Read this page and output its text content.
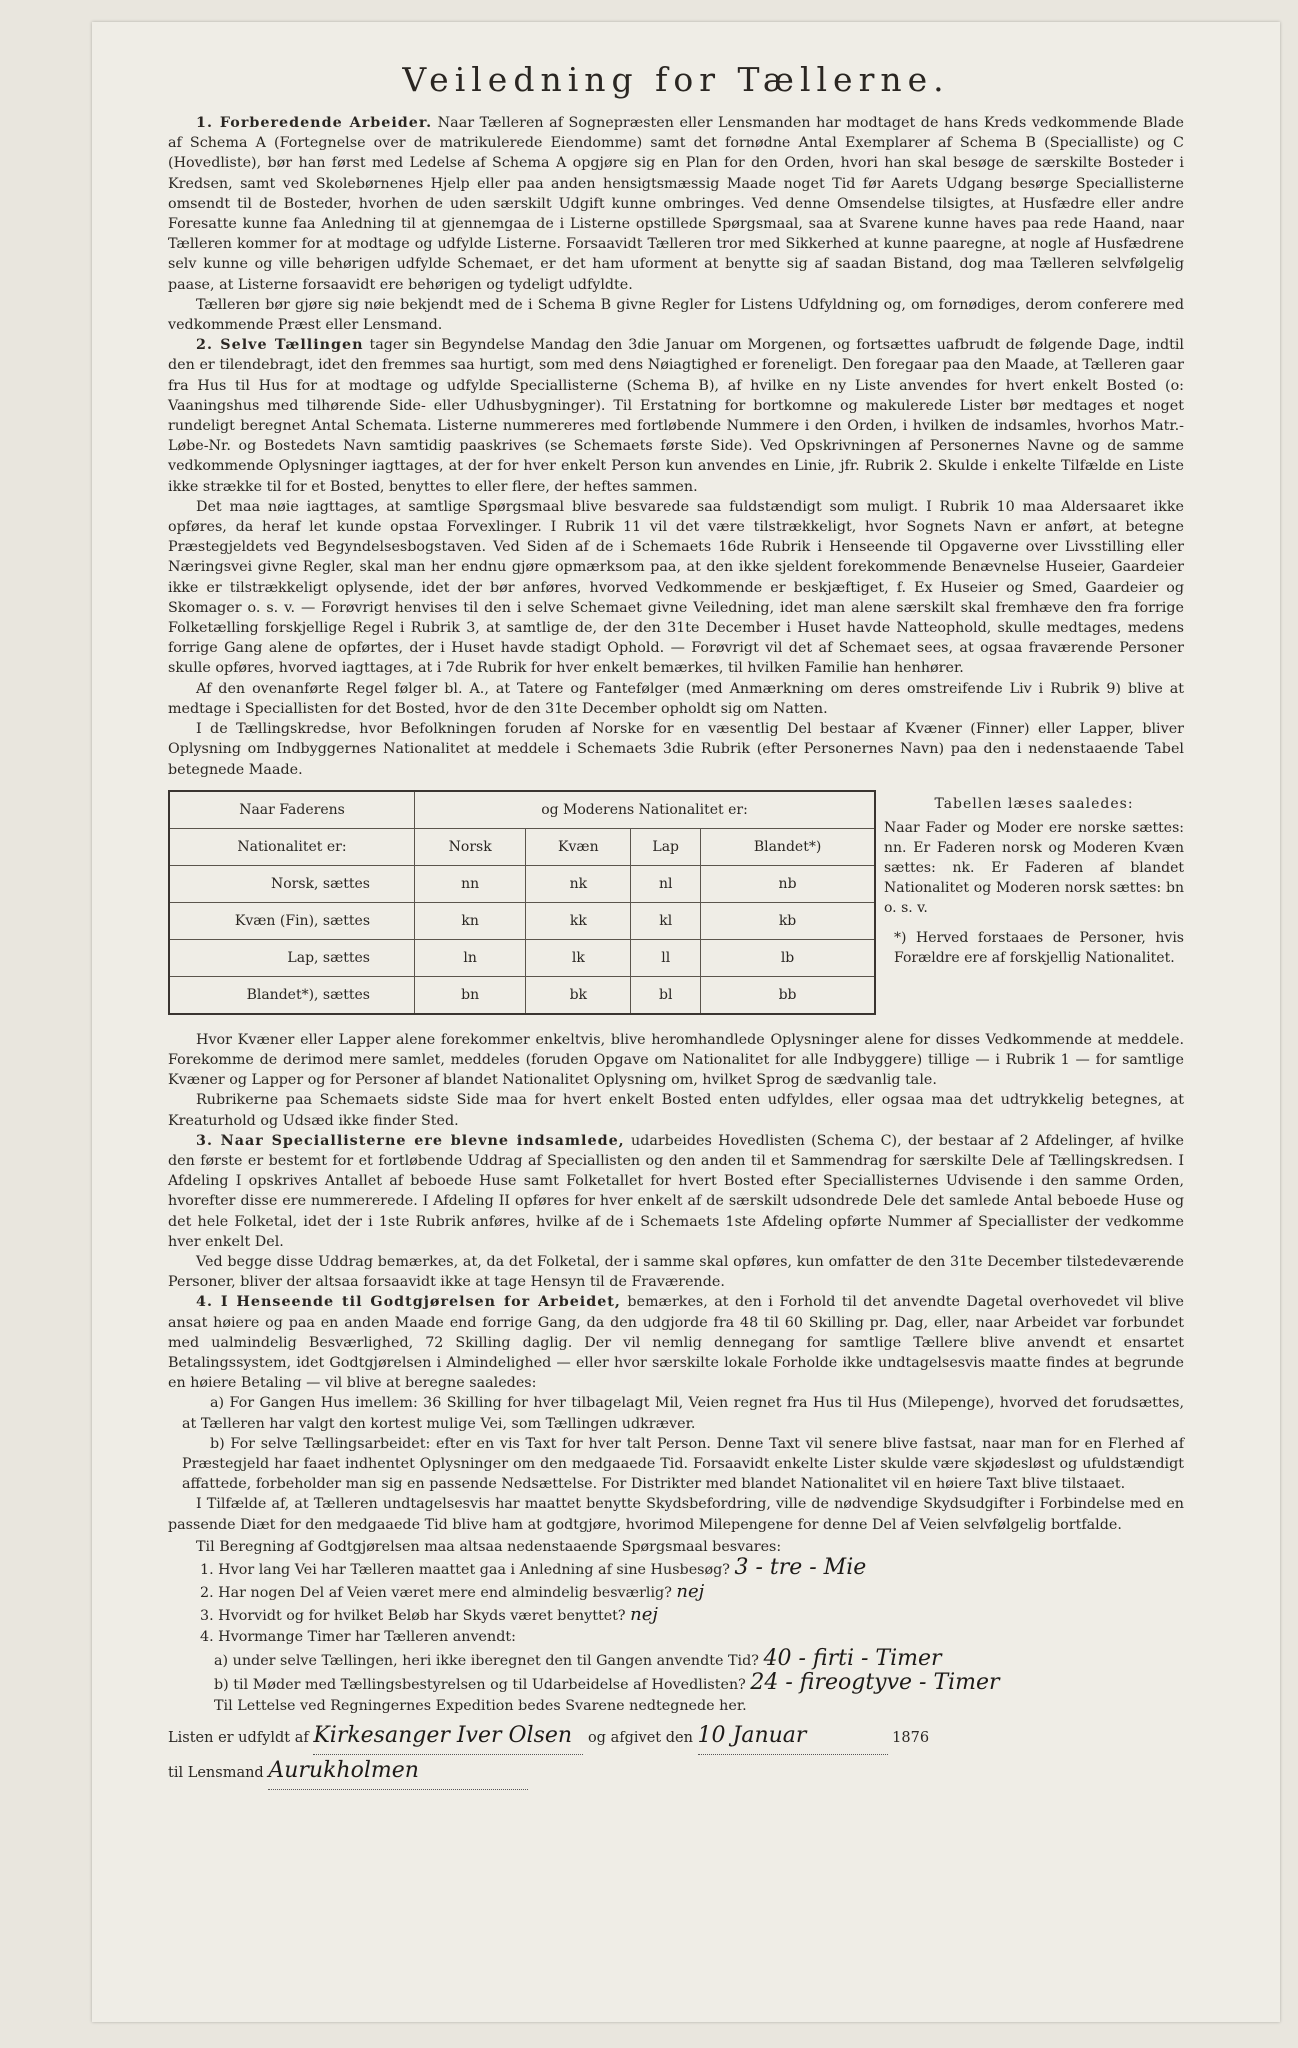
Veiledning for Tællerne.

1. Forberedende Arbeider. Naar Tælleren af Sognepræsten eller Lensmanden har modtaget de hans Kreds vedkommende Blade af Schema A (Fortegnelse over de matrikulerede Eiendomme) samt det fornødne Antal Exemplarer af Schema B (Specialliste) og C (Hovedliste), bør han først med Ledelse af Schema A opgjøre sig en Plan for den Orden, hvori han skal besøge de særskilte Bosteder i Kredsen, samt ved Skolebørnenes Hjelp eller paa anden hensigtsmæssig Maade noget Tid før Aarets Udgang besørge Speciallisterne omsendt til de Bosteder, hvorhen de uden særskilt Udgift kunne ombringes. Ved denne Omsendelse tilsigtes, at Husfædre eller andre Foresatte kunne faa Anledning til at gjennemgaa de i Listerne opstillede Spørgsmaal, saa at Svarene kunne haves paa rede Haand, naar Tælleren kommer for at modtage og udfylde Listerne. Forsaavidt Tælleren tror med Sikkerhed at kunne paaregne, at nogle af Husfædrene selv kunne og ville behørigen udfylde Schemaet, er det ham uforment at benytte sig af saadan Bistand, dog maa Tælleren selvfølgelig paase, at Listerne forsaavidt ere behørigen og tydeligt udfyldte.

Tælleren bør gjøre sig nøie bekjendt med de i Schema B givne Regler for Listens Udfyldning og, om fornødiges, derom conferere med vedkommende Præst eller Lensmand.

2. Selve Tællingen tager sin Begyndelse Mandag den 3die Januar om Morgenen, og fortsættes uafbrudt de følgende Dage, indtil den er tilendebragt, idet den fremmes saa hurtigt, som med dens Nøiagtighed er foreneligt. Den foregaar paa den Maade, at Tælleren gaar fra Hus til Hus for at modtage og udfylde Speciallisterne (Schema B), af hvilke en ny Liste anvendes for hvert enkelt Bosted (o: Vaaningshus med tilhørende Side- eller Udhusbygninger). Til Erstatning for bortkomne og makulerede Lister bør medtages et noget rundeligt beregnet Antal Schemata. Listerne nummereres med fortløbende Nummere i den Orden, i hvilken de indsamles, hvorhos Matr.-Løbe-Nr. og Bostedets Navn samtidig paaskrives (se Schemaets første Side). Ved Opskrivningen af Personernes Navne og de samme vedkommende Oplysninger iagttages, at der for hver enkelt Person kun anvendes en Linie, jfr. Rubrik 2. Skulde i enkelte Tilfælde en Liste ikke strække til for et Bosted, benyttes to eller flere, der heftes sammen.

Det maa nøie iagttages, at samtlige Spørgsmaal blive besvarede saa fuldstændigt som muligt. I Rubrik 10 maa Aldersaaret ikke opføres, da heraf let kunde opstaa Forvexlinger. I Rubrik 11 vil det være tilstrækkeligt, hvor Sognets Navn er anført, at betegne Præstegjeldets ved Begyndelsesbogstaven. Ved Siden af de i Schemaets 16de Rubrik i Henseende til Opgaverne over Livsstilling eller Næringsvei givne Regler, skal man her endnu gjøre opmærksom paa, at den ikke sjeldent forekommende Benævnelse Huseier, Gaardeier ikke er tilstrækkeligt oplysende, idet der bør anføres, hvorved Vedkommende er beskjæftiget, f. Ex Huseier og Smed, Gaardeier og Skomager o. s. v. — Forøvrigt henvises til den i selve Schemaet givne Veiledning, idet man alene særskilt skal fremhæve den fra forrige Folketælling forskjellige Regel i Rubrik 3, at samtlige de, der den 31te December i Huset havde Natteophold, skulle medtages, medens forrige Gang alene de opførtes, der i Huset havde stadigt Ophold. — Forøvrigt vil det af Schemaet sees, at ogsaa fraværende Personer skulle opføres, hvorved iagttages, at i 7de Rubrik for hver enkelt bemærkes, til hvilken Familie han henhører.

Af den ovenanførte Regel følger bl. A., at Tatere og Fantefølger (med Anmærkning om deres omstreifende Liv i Rubrik 9) blive at medtage i Speciallisten for det Bosted, hvor de den 31te December opholdt sig om Natten.

I de Tællingskredse, hvor Befolkningen foruden af Norske for en væsentlig Del bestaar af Kvæner (Finner) eller Lapper, bliver Oplysning om Indbyggernes Nationalitet at meddele i Schemaets 3die Rubrik (efter Personernes Navn) paa den i nedenstaaende Tabel betegnede Maade.

Naar Faderens	og Moderens Nationalitet er:			
Nationalitet er:	Norsk	Kvæn	Lap	Blandet*)
Norsk, sættes	nn	nk	nl	nb
Kvæn (Fin), sættes	kn	kk	kl	kb
Lap, sættes	ln	lk	ll	lb
Blandet*), sættes	bn	bk	bl	bb
Tabellen læses saaledes:
Naar Fader og Moder ere norske sættes: nn. Er Faderen norsk og Moderen Kvæn sættes: nk. Er Faderen af blandet Nationalitet og Moderen norsk sættes: bn o. s. v.
*) Herved forstaaes de Personer, hvis Forældre ere af forskjellig Nationalitet.

Hvor Kvæner eller Lapper alene forekommer enkeltvis, blive heromhandlede Oplysninger alene for disses Vedkommende at meddele. Forekomme de derimod mere samlet, meddeles (foruden Opgave om Nationalitet for alle Indbyggere) tillige — i Rubrik 1 — for samtlige Kvæner og Lapper og for Personer af blandet Nationalitet Oplysning om, hvilket Sprog de sædvanlig tale.

Rubrikerne paa Schemaets sidste Side maa for hvert enkelt Bosted enten udfyldes, eller ogsaa maa det udtrykkelig betegnes, at Kreaturhold og Udsæd ikke finder Sted.

3. Naar Speciallisterne ere blevne indsamlede, udarbeides Hovedlisten (Schema C), der bestaar af 2 Afdelinger, af hvilke den første er bestemt for et fortløbende Uddrag af Speciallisten og den anden til et Sammendrag for særskilte Dele af Tællingskredsen. I Afdeling I opskrives Antallet af beboede Huse samt Folketallet for hvert Bosted efter Speciallisternes Udvisende i den samme Orden, hvorefter disse ere nummererede. I Afdeling II opføres for hver enkelt af de særskilt udsondrede Dele det samlede Antal beboede Huse og det hele Folketal, idet der i 1ste Rubrik anføres, hvilke af de i Schemaets 1ste Afdeling opførte Nummer af Speciallister der vedkomme hver enkelt Del.

Ved begge disse Uddrag bemærkes, at, da det Folketal, der i samme skal opføres, kun omfatter de den 31te December tilstedeværende Personer, bliver der altsaa forsaavidt ikke at tage Hensyn til de Fraværende.

4. I Henseende til Godtgjørelsen for Arbeidet, bemærkes, at den i Forhold til det anvendte Dagetal overhovedet vil blive ansat høiere og paa en anden Maade end forrige Gang, da den udgjorde fra 48 til 60 Skilling pr. Dag, eller, naar Arbeidet var forbundet med ualmindelig Besværlighed, 72 Skilling daglig. Der vil nemlig dennegang for samtlige Tællere blive anvendt et ensartet Betalingssystem, idet Godtgjørelsen i Almindelighed — eller hvor særskilte lokale Forholde ikke undtagelsesvis maatte findes at begrunde en høiere Betaling — vil blive at beregne saaledes:

a) For Gangen Hus imellem: 36 Skilling for hver tilbagelagt Mil, Veien regnet fra Hus til Hus (Milepenge), hvorved det forudsættes, at Tælleren har valgt den kortest mulige Vei, som Tællingen udkræver.

b) For selve Tællingsarbeidet: efter en vis Taxt for hver talt Person. Denne Taxt vil senere blive fastsat, naar man for en Flerhed af Præstegjeld har faaet indhentet Oplysninger om den medgaaede Tid. Forsaavidt enkelte Lister skulde være skjødesløst og ufuldstændigt affattede, forbeholder man sig en passende Nedsættelse. For Distrikter med blandet Nationalitet vil en høiere Taxt blive tilstaaet.

I Tilfælde af, at Tælleren undtagelsesvis har maattet benytte Skydsbefordring, ville de nødvendige Skydsudgifter i Forbindelse med en passende Diæt for den medgaaede Tid blive ham at godtgjøre, hvorimod Milepengene for denne Del af Veien selvfølgelig bortfalde.

Til Beregning af Godtgjørelsen maa altsaa nedenstaaende Spørgsmaal besvares:

1. Hvor lang Vei har Tælleren maattet gaa i Anledning af sine Husbesøg? 3 - tre - Mie
2. Har nogen Del af Veien været mere end almindelig besværlig? nej
3. Hvorvidt og for hvilket Beløb har Skyds været benyttet? nej
4. Hvormange Timer har Tælleren anvendt:
a) under selve Tællingen, heri ikke iberegnet den til Gangen anvendte Tid? 40 - firti - Timer
b) til Møder med Tællingsbestyrelsen og til Udarbeidelse af Hovedlisten? 24 - fireogtyve - Timer

Til Lettelse ved Regningernes Expedition bedes Svarene nedtegnede her.

Listen er udfyldt af Kirkesanger Iver Olsen og afgivet den 10 Januar	1876
til Lensmand Aurukholmen
